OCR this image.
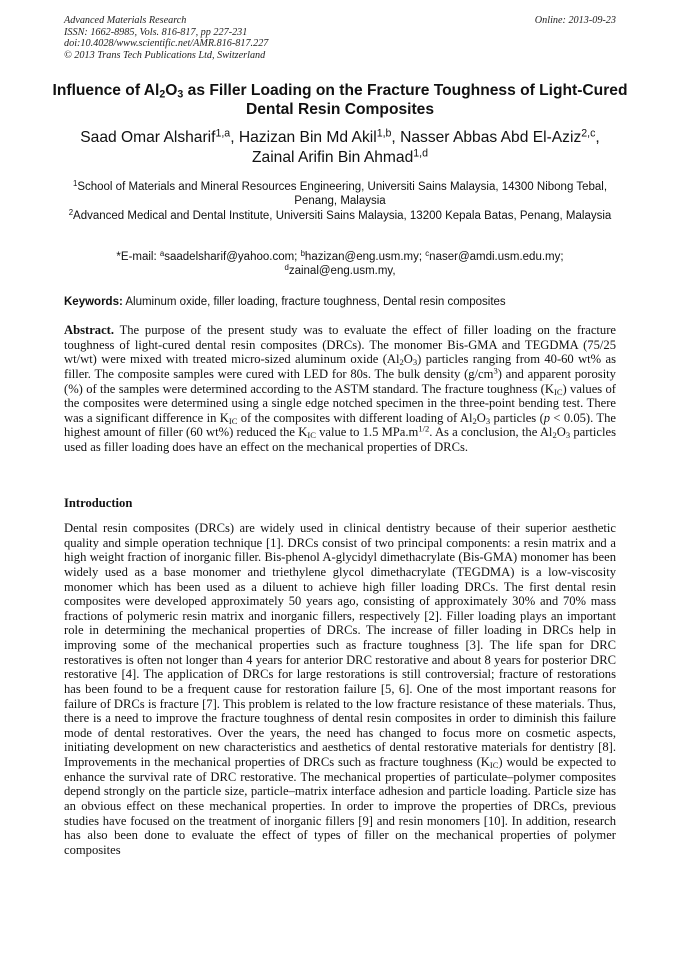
Advanced Materials Research
ISSN: 1662-8985, Vols. 816-817, pp 227-231
doi:10.4028/www.scientific.net/AMR.816-817.227
© 2013 Trans Tech Publications Ltd, Switzerland
Online: 2013-09-23
Influence of $Al_2O_3$ as Filler Loading on the Fracture Toughness of Light-Cured Dental Resin Composites
Saad Omar Alsharif$^{1,a}$, Hazizan Bin Md Akil$^{1,b}$, Nasser Abbas Abd El-Aziz$^{2,c}$,
Zainal Arifin Bin Ahmad$^{1,d}$
$^1$School of Materials and Mineral Resources Engineering, Universiti Sains Malaysia, 14300 Nibong Tebal, Penang, Malaysia
$^2$Advanced Medical and Dental Institute, Universiti Sains Malaysia, 13200 Kepala Batas, Penang, Malaysia
*E-mail: $^a$saadelsharif@yahoo.com; $^b$hazizan@eng.usm.my; $^c$naser@amdi.usm.edu.my;
$^d$zainal@eng.usm.my,
Keywords: Aluminum oxide, filler loading, fracture toughness, Dental resin composites

Abstract. The purpose of the present study was to evaluate the effect of filler loading on the fracture toughness of light-cured dental resin composites (DRCs). The monomer Bis-GMA and TEGDMA (75/25 wt/wt) were mixed with treated micro-sized aluminum oxide $(Al_2O_3)$ particles ranging from 40-60 wt% as filler. The composite samples were cured with LED for 80s. The bulk density $(g/cm^3)$ and apparent porosity (%) of the samples were determined according to the ASTM standard. The fracture toughness $(K_{IC})$ values of the composites were determined using a single edge notched specimen in the three-point bending test. There was a significant difference in $K_{IC}$ of the composites with different loading of $Al_2O_3$ particles (p < 0.05). The highest amount of filler (60 wt%) reduced the $K_{IC}$ value to 1.5 $MPa.m^{1/2}$. As a conclusion, the $Al_2O_3$ particles used as filler loading does have an effect on the mechanical properties of DRCs.

Introduction

Dental resin composites (DRCs) are widely used in clinical dentistry because of their superior aesthetic quality and simple operation technique [1]. DRCs consist of two principal components: a resin matrix and a high weight fraction of inorganic filler. Bis-phenol A-glycidyl dimethacrylate (Bis-GMA) monomer has been widely used as a base monomer and triethylene glycol dimethacrylate (TEGDMA) is a low-viscosity monomer which has been used as a diluent to achieve high filler loading DRCs. The first dental resin composites were developed approximately 50 years ago, consisting of approximately 30% and 70% mass fractions of polymeric resin matrix and inorganic fillers, respectively [2]. Filler loading plays an important role in determining the mechanical properties of DRCs. The increase of filler loading in DRCs help in improving some of the mechanical properties such as fracture toughness [3]. The life span for DRC restoratives is often not longer than 4 years for anterior DRC restorative and about 8 years for posterior DRC restorative [4]. The application of DRCs for large restorations is still controversial; fracture of restorations has been found to be a frequent cause for restoration failure [5, 6]. One of the most important reasons for failure of DRCs is fracture [7]. This problem is related to the low fracture resistance of these materials. Thus, there is a need to improve the fracture toughness of dental resin composites in order to diminish this failure mode of dental restoratives. Over the years, the need has changed to focus more on cosmetic aspects, initiating development on new characteristics and aesthetics of dental restorative materials for dentistry [8]. Improvements in the mechanical properties of DRCs such as fracture toughness $(K_{IC})$ would be expected to enhance the survival rate of DRC restorative. The mechanical properties of particulate–polymer composites depend strongly on the particle size, particle–matrix interface adhesion and particle loading. Particle size has an obvious effect on these mechanical properties. In order to improve the properties of DRCs, previous studies have focused on the treatment of inorganic fillers [9] and resin monomers [10]. In addition, research has also been done to evaluate the effect of types of filler on the mechanical properties of polymer composites
